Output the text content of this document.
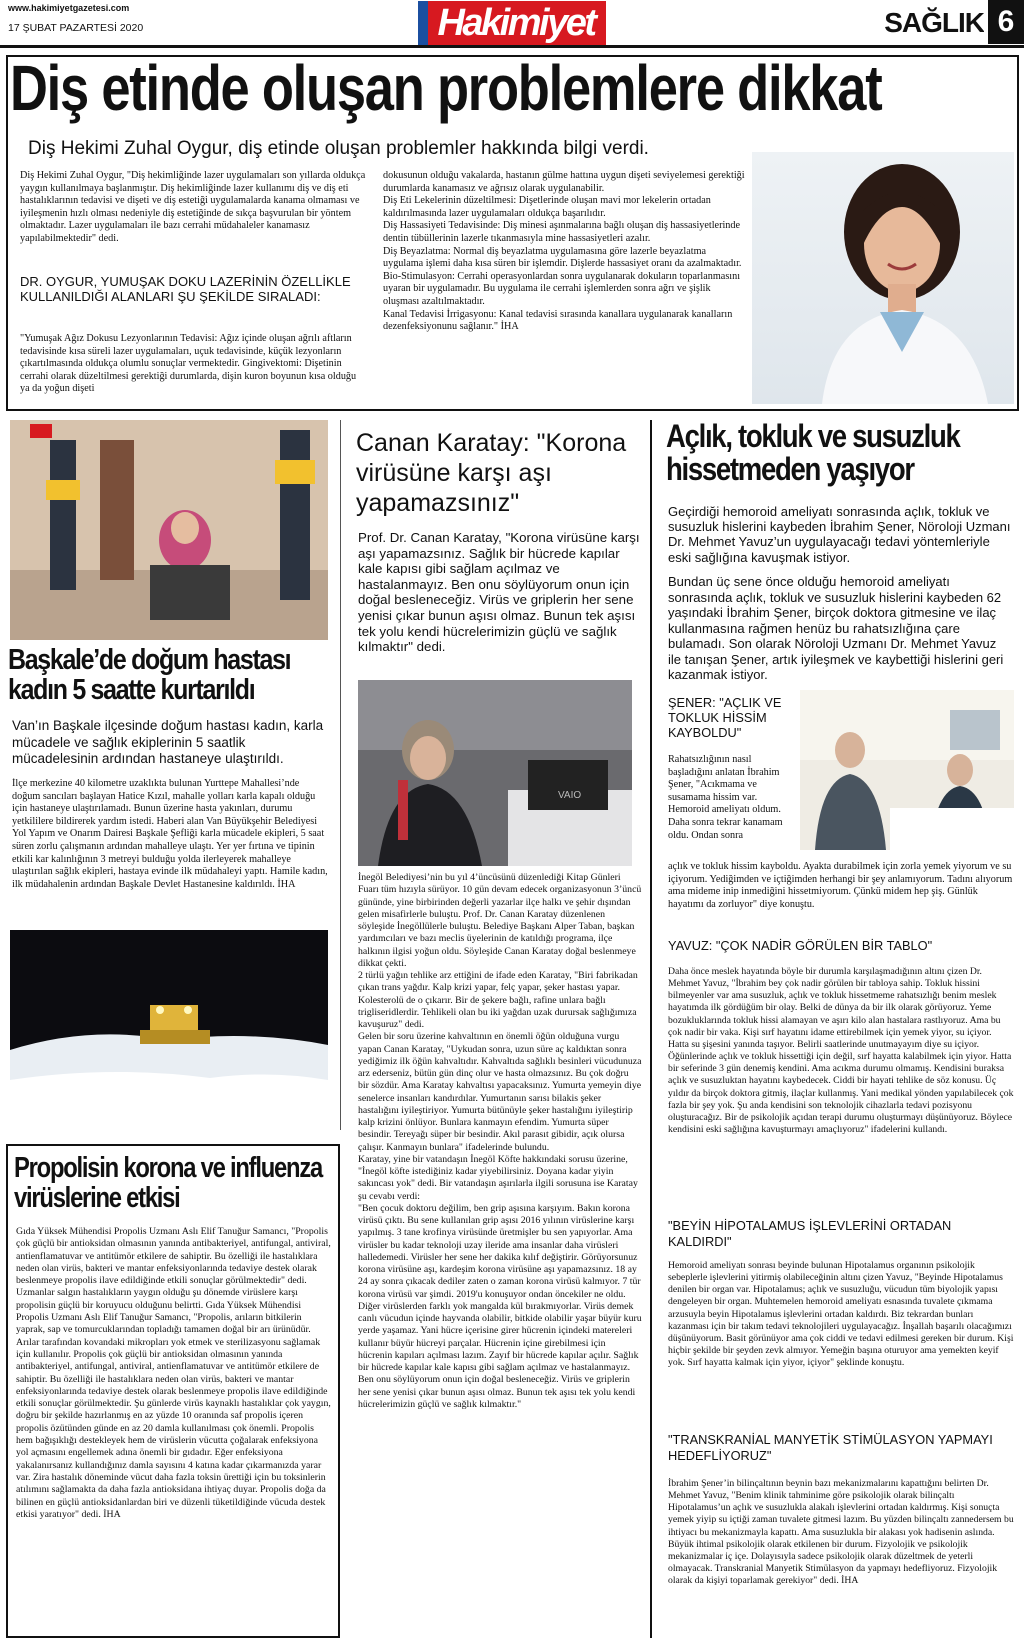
www.hakimiyetgazetesi.com
17 ŞUBAT PAZARTESİ 2020	Hakimiyet	SAĞLIK 6
Diş etinde oluşan problemlere dikkat
Diş Hekimi Zuhal Oygur, diş etinde oluşan problemler hakkında bilgi verdi.
Diş Hekimi Zuhal Oygur, "Diş hekimliğinde lazer uygulamaları son yıllarda oldukça yaygın kullanılmaya başlanmıştır. Diş hekimliğinde lazer kullanımı diş ve diş eti hastalıklarının tedavisi ve dişeti ve diş estetiği uygulamalarda kanama olmaması ve iyileşmenin hızlı olması nedeniyle diş estetiğinde de sıkça başvurulan bir yöntem olmaktadır. Lazer uygulamaları ile bazı cerrahi müdahaleler kanamasız yapılabilmektedir" dedi.
DR. OYGUR, YUMUŞAK DOKU LAZERİNİN ÖZELLİKLE KULLANILDIĞI ALANLARI ŞU ŞEKİLDE SIRALADI:
"Yumuşak Ağız Dokusu Lezyonlarının Tedavisi: Ağız içinde oluşan ağrılı aftların tedavisinde kısa süreli lazer uygulamaları, uçuk tedavisinde, küçük lezyonların çıkartılmasında oldukça olumlu sonuçlar vermektedir. Gingivektomi: Dişetinin cerrahi olarak düzeltilmesi gerektiği durumlarda, dişin kuron boyunun kısa olduğu ya da yoğun dişeti
dokusunun olduğu vakalarda, hastanın gülme hattına uygun dişeti seviyelemesi gerektiği durumlarda kanamasız ve ağrısız olarak uygulanabilir.
Diş Eti Lekelerinin düzeltilmesi: Dişetlerinde oluşan mavi mor lekelerin ortadan kaldırılmasında lazer uygulamaları oldukça başarılıdır.
Diş Hassasiyeti Tedavisinde: Diş minesi aşınmalarına bağlı oluşan diş hassasiyetlerinde dentin tübüllerinin lazerle tıkanmasıyla mine hassasiyetleri azalır.
Diş Beyazlatma: Normal diş beyazlatma uygulamasına göre lazerle beyazlatma uygulama işlemi daha kısa süren bir işlemdir. Dişlerde hassasiyet oranı da azalmaktadır.
Bio-Stimulasyon: Cerrahi operasyonlardan sonra uygulanarak dokuların toparlanmasını uyaran bir uygulamadır. Bu uygulama ile cerrahi işlemlerden sonra ağrı ve şişlik oluşması azaltılmaktadır.
Kanal Tedavisi İrrigasyonu: Kanal tedavisi sırasında kanallara uygulanarak kanalların dezenfeksiyonunu sağlanır." İHA
Başkale’de doğum hastası kadın 5 saatte kurtarıldı
Van’ın Başkale ilçesinde doğum hastası kadın, karla mücadele ve sağlık ekiplerinin 5 saatlik mücadelesinin ardından hastaneye ulaştırıldı.
İlçe merkezine 40 kilometre uzaklıkta bulunan Yurttepe Mahallesi’nde doğum sancıları başlayan Hatice Kızıl, mahalle yolları karla kapalı olduğu için hastaneye ulaştırılamadı. Bunun üzerine hasta yakınları, durumu yetkililere bildirerek yardım istedi. Haberi alan Van Büyükşehir Belediyesi Yol Yapım ve Onarım Dairesi Başkale Şefliği karla mücadele ekipleri, 5 saat süren zorlu çalışmanın ardından mahalleye ulaştı. Yer yer fırtına ve tipinin etkili kar kalınlığının 3 metreyi bulduğu yolda ilerleyerek mahalleye ulaştırılan sağlık ekipleri, hastaya evinde ilk müdahaleyi yaptı. Hamile kadın, ilk müdahalenin ardından Başkale Devlet Hastanesine kaldırıldı. İHA
Propolisin korona ve influenza virüslerine etkisi
Gıda Yüksek Mühendisi Propolis Uzmanı Aslı Elif Tanuğur Samancı, "Propolis çok güçlü bir antioksidan olmasının yanında antibakteriyel, antifungal, antiviral, antienflamatuvar ve antitümör etkilere de sahiptir. Bu özelliği ile hastalıklara neden olan virüs, bakteri ve mantar enfeksiyonlarında tedaviye destek olarak beslenmeye propolis ilave edildiğinde etkili sonuçlar görülmektedir" dedi.
Uzmanlar salgın hastalıkların yaygın olduğu şu dönemde virüslere karşı propolisin güçlü bir koruyucu olduğunu belirtti. Gıda Yüksek Mühendisi Propolis Uzmanı Aslı Elif Tanuğur Samancı, "Propolis, arıların bitkilerin yaprak, sap ve tomurcuklarından topladığı tamamen doğal bir arı ürünüdür. Arılar tarafından kovandaki mikropları yok etmek ve sterilizasyonu sağlamak için kullanılır. Propolis çok güçlü bir antioksidan olmasının yanında antibakteriyel, antifungal, antiviral, antienflamatuvar ve antitümör etkilere de sahiptir. Bu özelliği ile hastalıklara neden olan virüs, bakteri ve mantar enfeksiyonlarında tedaviye destek olarak beslenmeye propolis ilave edildiğinde etkili sonuçlar görülmektedir. Şu günlerde virüs kaynaklı hastalıklar çok yaygın, doğru bir şekilde hazırlanmış en az yüzde 10 oranında saf propolis içeren propolis özütünden günde en az 20 damla kullanılması çok önemli. Propolis hem bağışıklığı destekleyek hem de virüslerin vücutta çoğalarak enfeksiyona yol açmasını engellemek adına önemli bir gıdadır. Eğer enfeksiyona yakalanırsanız kullandığınız damla sayısını 4 katına kadar çıkarmanızda yarar var. Zira hastalık döneminde vücut daha fazla toksin ürettiği için bu toksinlerin atılımını sağlamakta da daha fazla antioksidana ihtiyaç duyar. Propolis doğa da bilinen en güçlü antioksidanlardan biri ve düzenli tüketildiğinde vücuda destek etkisi yaratıyor" dedi. İHA
Canan Karatay: "Korona virüsüne karşı aşı yapamazsınız"
Prof. Dr. Canan Karatay, "Korona virüsüne karşı aşı yapamazsınız. Sağlık bir hücrede kapılar kale kapısı gibi sağlam açılmaz ve hastalanmayız. Ben onu söylüyorum onun için doğal besleneceğiz. Virüs ve griplerin her sene yenisi çıkar bunun aşısı olmaz. Bunun tek aşısı tek yolu kendi hücrelerimizin güçlü ve sağlık kılmaktır" dedi.
VAIO
İnegöl Belediyesi’nin bu yıl 4’üncüsünü düzenlediği Kitap Günleri Fuarı tüm hızıyla sürüyor. 10 gün devam edecek organizasyonun 3’üncü gününde, yine birbirinden değerli yazarlar ilçe halkı ve şehir dışından gelen misafirlerle buluştu. Prof. Dr. Canan Karatay düzenlenen söyleşide İnegöllülerle buluştu. Belediye Başkanı Alper Taban, başkan yardımcıları ve bazı meclis üyelerinin de katıldığı programa, ilçe halkının ilgisi yoğun oldu. Söyleşide Canan Karatay doğal beslenmeye dikkat çekti.
2 türlü yağın tehlike arz ettiğini de ifade eden Karatay, "Biri fabrikadan çıkan trans yağdır. Kalp krizi yapar, felç yapar, şeker hastası yapar. Kolesterolü de o çıkarır. Bir de şekere bağlı, rafine unlara bağlı trigliseridlerdir. Tehlikeli olan bu iki yağdan uzak durursak sağlığımıza kavuşuruz" dedi.
Gelen bir soru üzerine kahvaltının en önemli öğün olduğuna vurgu yapan Canan Karatay, "Uykudan sonra, uzun süre aç kaldıktan sonra yediğimiz ilk öğün kahvaltıdır. Kahvaltıda sağlıklı besinleri vücudunuza arz ederseniz, bütün gün dinç olur ve hasta olmazsınız. Bu çok doğru bir sözdür. Ama Karatay kahvaltısı yapacaksınız. Yumurta yemeyin diye senelerce insanları kandırdılar. Yumurtanın sarısı bilakis şeker hastalığını iyileştiriyor. Yumurta bütünüyle şeker hastalığını iyileştirip kalp krizini önlüyor. Bunlara kanmayın efendim. Yumurta süper besindir. Tereyağı süper bir besindir. Akıl parasıt gibidir, açık olursa çalışır. Kanmayın bunlara" ifadelerinde bulundu.
Karatay, yine bir vatandaşın İnegöl Köfte hakkındaki sorusu üzerine, "İnegöl köfte istediğiniz kadar yiyebilirsiniz. Doyana kadar yiyin sakıncası yok" dedi. Bir vatandaşın aşırılarla ilgili sorusuna ise Karatay şu cevabı verdi:
"Ben çocuk doktoru değilim, ben grip aşısına karşıyım. Bakın korona virüsü çıktı. Bu sene kullanılan grip aşısı 2016 yılının virüslerine karşı yapılmış. 3 tane krofinya virüsünde üretmişler bu sen yapıyorlar. Ama virüsler bu kadar teknoloji uzay ileride ama insanlar daha virüsleri halledemedi. Virüsler her sene her dakika kılıf değiştirir. Görüyorsunuz korona virüsüne aşı, kardeşim korona virüsüne aşı yapamazsınız. 18 ay 24 ay sonra çıkacak dediler zaten o zaman korona virüsü kalmıyor. 7 tür korona virüsü var şimdi. 2019'u konuşuyor ondan öncekiler ne oldu. Diğer virüslerden farklı yok mangalda kül bırakmıyorlar. Virüs demek canlı vücudun içinde hayvanda olabilir, bitkide olabilir yaşar büyür kuru yerde yaşamaz. Yani hücre içerisine girer hücrenin içindeki matereleri kullanır büyür hücreyi parçalar. Hücrenin içine girebilmesi için hücrenin kapıları açılması lazım. Zayıf bir hücrede kapılar açılır. Sağlık bir hücrede kapılar kale kapısı gibi sağlam açılmaz ve hastalanmayız. Ben onu söylüyorum onun için doğal besleneceğiz. Virüs ve griplerin her sene yenisi çıkar bunun aşısı olmaz. Bunun tek aşısı tek yolu kendi hücrelerimizin güçlü ve sağlık kılmaktır."
Açlık, tokluk ve susuzluk hissetmeden yaşıyor
Geçirdiği hemoroid ameliyatı sonrasında açlık, tokluk ve susuzluk hislerini kaybeden İbrahim Şener, Nöroloji Uzmanı Dr. Mehmet Yavuz’un uygulayacağı tedavi yöntemleriyle eski sağlığına kavuşmak istiyor.
Bundan üç sene önce olduğu hemoroid ameliyatı sonrasında açlık, tokluk ve susuzluk hislerini kaybeden 62 yaşındaki İbrahim Şener, birçok doktora gitmesine ve ilaç kullanmasına rağmen henüz bu rahatsızlığına çare bulamadı. Son olarak Nöroloji Uzmanı Dr. Mehmet Yavuz ile tanışan Şener, artık iyileşmek ve kaybettiği hislerini geri kazanmak istiyor.
ŞENER: "AÇLIK VE TOKLUK HİSSİM KAYBOLDU"
Rahatsızlığının nasıl başladığını anlatan İbrahim Şener, "Acıkmama ve susamama hissim var. Hemoroid ameliyatı oldum. Daha sonra tekrar kanamam oldu. Ondan sonra
açlık ve tokluk hissim kayboldu. Ayakta durabilmek için zorla yemek yiyorum ve su içiyorum. Yediğimden ve içtiğimden herhangi bir şey anlamıyorum. Tadını alıyorum ama mideme inip inmediğini hissetmiyorum. Çünkü midem hep şiş. Günlük hayatımı da zorluyor" diye konuştu.
YAVUZ: "ÇOK NADİR GÖRÜLEN BİR TABLO"
Daha önce meslek hayatında böyle bir durumla karşılaşmadığının altını çizen Dr. Mehmet Yavuz, "İbrahim bey çok nadir görülen bir tabloya sahip. Tokluk hissini bilmeyenler var ama susuzluk, açlık ve tokluk hissetmeme rahatsızlığı benim meslek hayatımda ilk gördüğüm bir olay. Belki de dünya da bir ilk olarak görüyoruz. Yeme bozukluklarında tokluk hissi alamayan ve aşırı kilo alan hastalara rastlıyoruz. Ama bu çok nadir bir vaka. Kişi sırf hayatını idame ettirebilmek için yemek yiyor, su içiyor. Hatta su şişesini yanında taşıyor. Belirli saatlerinde unutmayayım diye su içiyor. Öğünlerinde açlık ve tokluk hissettiği için değil, sırf hayatta kalabilmek için yiyor. Hatta bir seferinde 3 gün denemiş kendini. Ama acıkma durumu olmamış. Kendisini buraksa açlık ve susuzluktan hayatını kaybedecek. Ciddi bir hayati tehlike de söz konusu. Üç yıldır da birçok doktora gitmiş, ilaçlar kullanmış. Yani medikal yönden yapılabilecek çok fazla bir şey yok. Şu anda kendisini son teknolojik cihazlarla tedavi pozisyonu oluşturacağız. Bir de psikolojik açıdan terapi durumu oluşturmayı düşünüyoruz. Böylece kendisini eski sağlığına kavuşturmayı amaçlıyoruz" ifadelerini kullandı.
"BEYİN HİPOTALAMUS İŞLEVLERİNİ ORTADAN KALDIRDI"
Hemoroid ameliyatı sonrası beyinde bulunan Hipotalamus organının psikolojik sebeplerle işlevlerini yitirmiş olabileceğinin altını çizen Yavuz, "Beyinde Hipotalamus denilen bir organ var. Hipotalamus; açlık ve susuzluğu, vücudun tüm biyolojik yapısı dengeleyen bir organ. Muhtemelen hemoroid ameliyatı esnasında tuvalete çıkmama arzusuyla beyin Hipotalamus işlevlerini ortadan kaldırdı. Biz tekrardan bunları kazanması için bir takım tedavi teknolojileri uygulayacağız. İnşallah başarılı olacağımızı düşünüyorum. Basit görünüyor ama çok ciddi ve tedavi edilmesi gereken bir durum. Kişi hiçbir şekilde bir şeyden zevk almıyor. Yemeğin başına oturuyor ama yemekten keyif yok. Sırf hayatta kalmak için yiyor, içiyor" şeklinde konuştu.
"TRANSKRANİAL MANYETİK STİMÜLASYON YAPMAYI HEDEFLİYORUZ"
İbrahim Şener’in bilinçaltının beynin bazı mekanizmalarını kapattığını belirten Dr. Mehmet Yavuz, "Benim klinik tahminime göre psikolojik olarak bilinçaltı Hipotalamus’un açlık ve susuzlukla alakalı işlevlerini ortadan kaldırmış. Kişi sonuçta yemek yiyip su içtiği zaman tuvalete gitmesi lazım. Bu yüzden bilinçaltı zannedersem bu ihtiyacı bu mekanizmayla kapattı. Ama susuzlukla bir alakası yok hadisenin aslında. Büyük ihtimal psikolojik olarak etkilenen bir durum. Fizyolojik ve psikolojik mekanizmalar iç içe. Dolayısıyla sadece psikolojik olarak düzeltmek de yeterli olmayacak. Transkranial Manyetik Stimülasyon da yapmayı hedefliyoruz. Fizyolojik olarak da kişiyi toparlamak gerekiyor" dedi. İHA
